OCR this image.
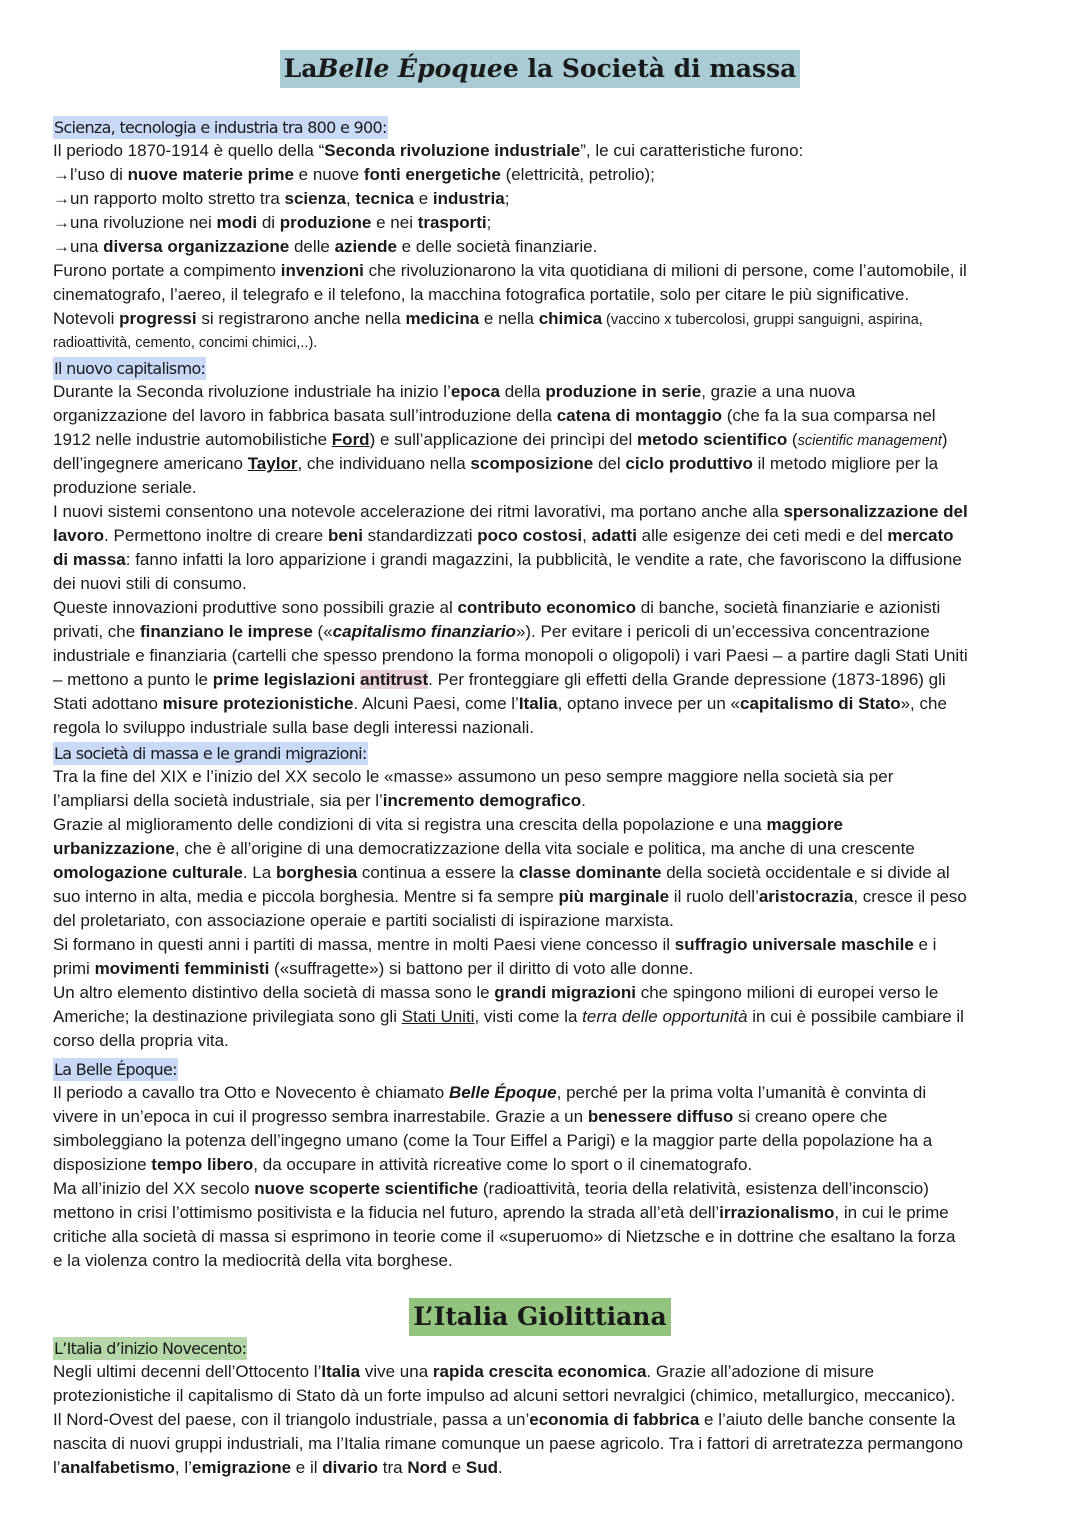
LaBelle Époquee la Società di massa
Scienza, tecnologia e industria tra 800 e 900:
Il periodo 1870-1914 è quello della “Seconda rivoluzione industriale”, le cui caratteristiche furono:
→l’uso di nuove materie prime e nuove fonti energetiche (elettricità, petrolio);
→un rapporto molto stretto tra scienza, tecnica e industria;
→una rivoluzione nei modi di produzione e nei trasporti;
→una diversa organizzazione delle aziende e delle società finanziarie.
Furono portate a compimento invenzioni che rivoluzionarono la vita quotidiana di milioni di persone, come l’automobile, il
cinematografo, l’aereo, il telegrafo e il telefono, la macchina fotografica portatile, solo per citare le più significative.
Notevoli progressi si registrarono anche nella medicina e nella chimica (vaccino x tubercolosi, gruppi sanguigni, aspirina,
radioattività, cemento, concimi chimici,..).
Il nuovo capitalismo:
Durante la Seconda rivoluzione industriale ha inizio l’epoca della produzione in serie, grazie a una nuova
organizzazione del lavoro in fabbrica basata sull’introduzione della catena di montaggio (che fa la sua comparsa nel
1912 nelle industrie automobilistiche Ford) e sull’applicazione dei princìpi del metodo scientifico (scientific management)
dell’ingegnere americano Taylor, che individuano nella scomposizione del ciclo produttivo il metodo migliore per la
produzione seriale.
I nuovi sistemi consentono una notevole accelerazione dei ritmi lavorativi, ma portano anche alla spersonalizzazione del
lavoro. Permettono inoltre di creare beni standardizzati poco costosi, adatti alle esigenze dei ceti medi e del mercato
di massa: fanno infatti la loro apparizione i grandi magazzini, la pubblicità, le vendite a rate, che favoriscono la diffusione
dei nuovi stili di consumo.
Queste innovazioni produttive sono possibili grazie al contributo economico di banche, società finanziarie e azionisti
privati, che finanziano le imprese («capitalismo finanziario»). Per evitare i pericoli di un’eccessiva concentrazione
industriale e finanziaria (cartelli che spesso prendono la forma monopoli o oligopoli) i vari Paesi – a partire dagli Stati Uniti
– mettono a punto le prime legislazioni antitrust. Per fronteggiare gli effetti della Grande depressione (1873-1896) gli
Stati adottano misure protezionistiche. Alcuni Paesi, come l’Italia, optano invece per un «capitalismo di Stato», che
regola lo sviluppo industriale sulla base degli interessi nazionali.
La società di massa e le grandi migrazioni:
Tra la fine del XIX e l’inizio del XX secolo le «masse» assumono un peso sempre maggiore nella società sia per
l’ampliarsi della società industriale, sia per l’incremento demografico.
Grazie al miglioramento delle condizioni di vita si registra una crescita della popolazione e una maggiore
urbanizzazione, che è all’origine di una democratizzazione della vita sociale e politica, ma anche di una crescente
omologazione culturale. La borghesia continua a essere la classe dominante della società occidentale e si divide al
suo interno in alta, media e piccola borghesia. Mentre si fa sempre più marginale il ruolo dell’aristocrazia, cresce il peso
del proletariato, con associazione operaie e partiti socialisti di ispirazione marxista.
Si formano in questi anni i partiti di massa, mentre in molti Paesi viene concesso il suffragio universale maschile e i
primi movimenti femministi («suffragette») si battono per il diritto di voto alle donne.
Un altro elemento distintivo della società di massa sono le grandi migrazioni che spingono milioni di europei verso le
Americhe; la destinazione privilegiata sono gli Stati Uniti, visti come la terra delle opportunità in cui è possibile cambiare il
corso della propria vita.
La Belle Époque:
Il periodo a cavallo tra Otto e Novecento è chiamato Belle Époque, perché per la prima volta l’umanità è convinta di
vivere in un’epoca in cui il progresso sembra inarrestabile. Grazie a un benessere diffuso si creano opere che
simboleggiano la potenza dell’ingegno umano (come la Tour Eiffel a Parigi) e la maggior parte della popolazione ha a
disposizione tempo libero, da occupare in attività ricreative come lo sport o il cinematografo.
Ma all’inizio del XX secolo nuove scoperte scientifiche (radioattività, teoria della relatività, esistenza dell’inconscio)
mettono in crisi l’ottimismo positivista e la fiducia nel futuro, aprendo la strada all’età dell’irrazionalismo, in cui le prime
critiche alla società di massa si esprimono in teorie come il «superuomo» di Nietzsche e in dottrine che esaltano la forza
e la violenza contro la mediocrità della vita borghese.
L’Italia Giolittiana
L’Italia d’inizio Novecento:
Negli ultimi decenni dell’Ottocento l’Italia vive una rapida crescita economica. Grazie all’adozione di misure
protezionistiche il capitalismo di Stato dà un forte impulso ad alcuni settori nevralgici (chimico, metallurgico, meccanico).
Il Nord-Ovest del paese, con il triangolo industriale, passa a un’economia di fabbrica e l’aiuto delle banche consente la
nascita di nuovi gruppi industriali, ma l’Italia rimane comunque un paese agricolo. Tra i fattori di arretratezza permangono
l’analfabetismo, l’emigrazione e il divario tra Nord e Sud.
